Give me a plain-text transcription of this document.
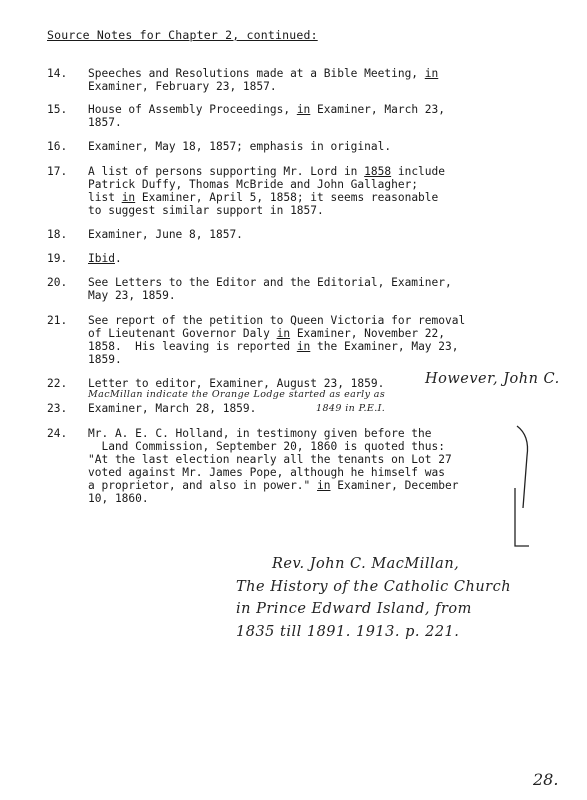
Source Notes for Chapter 2, continued:
14.	Speeches and Resolutions made at a Bible Meeting, in
Examiner, February 23, 1857.
15.	House of Assembly Proceedings, in Examiner, March 23,
1857.
16.	Examiner, May 18, 1857; emphasis in original.
17.	A list of persons supporting Mr. Lord in 1858 include
Patrick Duffy, Thomas McBride and John Gallagher;
list in Examiner, April 5, 1858; it seems reasonable
to suggest similar support in 1857.
18.	Examiner, June 8, 1857.
19.	Ibid.
20.	See Letters to the Editor and the Editorial, Examiner,
May 23, 1859.
21.	See report of the petition to Queen Victoria for removal
of Lieutenant Governor Daly in Examiner, November 22,
1858.  His leaving is reported in the Examiner, May 23,
1859.
22.	Letter to editor, Examiner, August 23, 1859.
23.	Examiner, March 28, 1859.
24.	Mr. A. E. C. Holland, in testimony given before the
Land Commission, September 20, 1860 is quoted thus:
"At the last election nearly all the tenants on Lot 27
voted against Mr. James Pope, although he himself was
a proprietor, and also in power." in Examiner, December
10, 1860.
However, John C.
MacMillan indicate the Orange Lodge started as early as
1849 in P.E.I.
Rev. John C. MacMillan,
The History of the Catholic Church
in Prince Edward Island, from
1835 till 1891. 1913. p. 221.
28.
